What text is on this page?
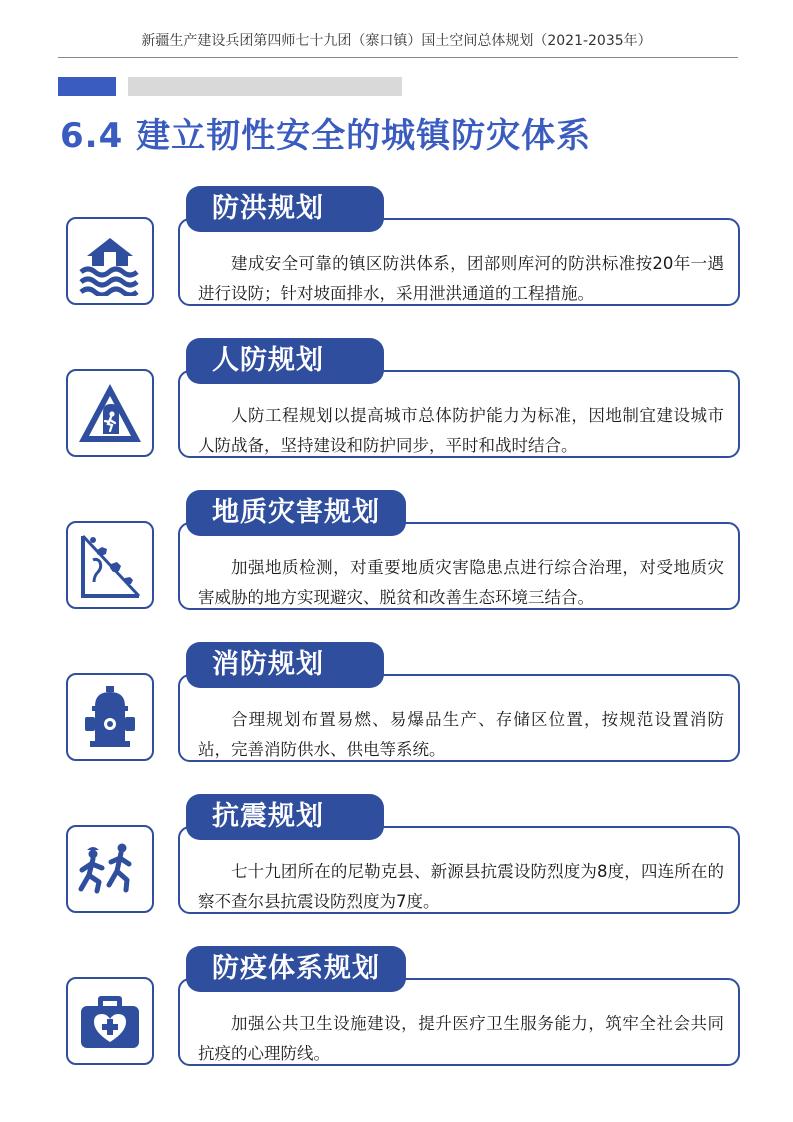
新疆生产建设兵团第四师七十九团（寨口镇）国土空间总体规划（2021-2035年）
6.4 建立韧性安全的城镇防灾体系
防洪规划
建成安全可靠的镇区防洪体系，团部则库河的防洪标准按20年一遇进行设防；针对坡面排水，采用泄洪通道的工程措施。
人防规划
人防工程规划以提高城市总体防护能力为标准，因地制宜建设城市人防战备，坚持建设和防护同步，平时和战时结合。
地质灾害规划
加强地质检测，对重要地质灾害隐患点进行综合治理，对受地质灾害威胁的地方实现避灾、脱贫和改善生态环境三结合。
消防规划
合理规划布置易燃、易爆品生产、存储区位置，按规范设置消防站，完善消防供水、供电等系统。
抗震规划
七十九团所在的尼勒克县、新源县抗震设防烈度为8度，四连所在的察不查尔县抗震设防烈度为7度。
防疫体系规划
加强公共卫生设施建设，提升医疗卫生服务能力，筑牢全社会共同抗疫的心理防线。
